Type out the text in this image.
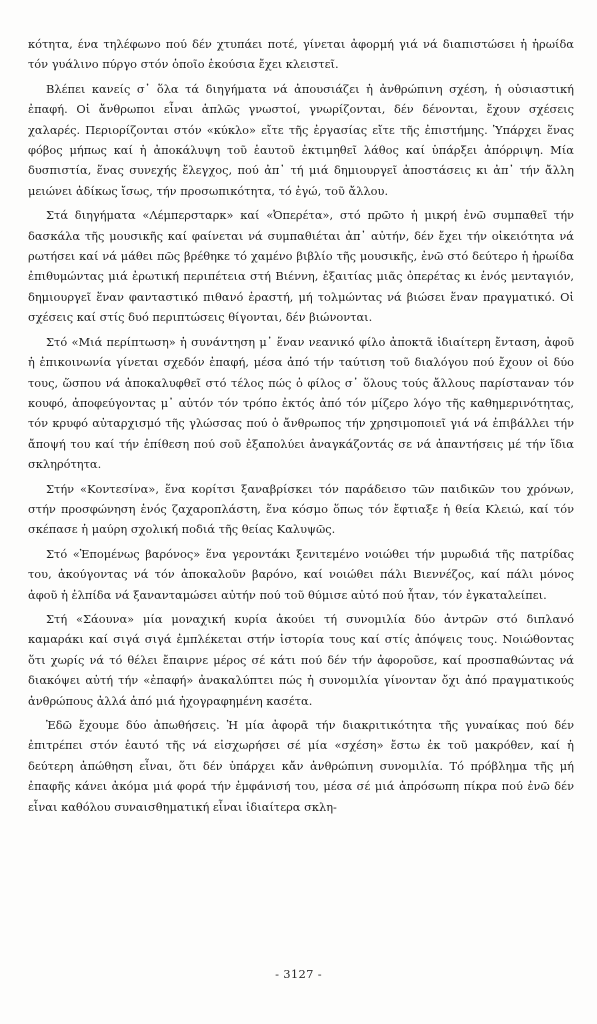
κότητα, ένα τηλέφωνο πού δέν χτυπάει ποτέ, γίνεται ἀφορμή γιά νά διαπιστώσει ἡ ἡρωίδα τόν γυάλινο πύργο στόν ὁποῖο ἑκούσια ἔχει κλειστεῖ.

Βλέπει κανείς σ᾽ ὅλα τά διηγήματα νά ἀπουσιάζει ἡ ἀνθρώπινη σχέση, ἡ οὐσιαστική ἐπαφή. Οἱ ἄνθρωποι εἶναι ἁπλῶς γνωστοί, γνωρίζονται, δέν δένονται, ἔχουν σχέσεις χαλαρές. Περιορίζονται στόν «κύκλο» εἴτε τῆς ἐργασίας εἴτε τῆς ἐπιστήμης. Ὑπάρχει ἕνας φόβος μήπως καί ἡ ἀποκάλυψη τοῦ ἑαυτοῦ ἐκτιμηθεῖ λάθος καί ὑπάρξει ἀπόρριψη. Μία δυσπιστία, ἕνας συνεχής ἔλεγχος, πού ἀπ᾽ τή μιά δημιουργεῖ ἀποστάσεις κι ἀπ᾽ τήν ἄλλη μειώνει ἀδίκως ἴσως, τήν προσωπικότητα, τό ἐγώ, τοῦ ἄλλου.

Στά διηγήματα «Λέμπερσταρκ» καί «Ὀπερέτα», στό πρῶτο ἡ μικρή ἐνῶ συμπαθεῖ τήν δασκάλα τῆς μουσικῆς καί φαίνεται νά συμπαθιέται ἀπ᾽ αὐτήν, δέν ἔχει τήν οἰκειότητα νά ρωτήσει καί νά μάθει πῶς βρέθηκε τό χαμένο βιβλίο τῆς μουσικῆς, ἐνῶ στό δεύτερο ἡ ἡρωίδα ἐπιθυμώντας μιά ἐρωτική περιπέτεια στή Βιέννη, ἐξαιτίας μιᾶς ὀπερέτας κι ἑνός μενταγιόν, δημιουργεῖ ἕναν φανταστικό πιθανό ἐραστή, μή τολμώντας νά βιώσει ἕναν πραγματικό. Οἱ σχέσεις καί στίς δυό περιπτώσεις θίγονται, δέν βιώνονται.

Στό «Μιά περίπτωση» ἡ συνάντηση μ᾽ ἕναν νεανικό φίλο ἀποκτᾶ ἰδιαίτερη ἔνταση, ἀφοῦ ἡ ἐπικοινωνία γίνεται σχεδόν ἐπαφή, μέσα ἀπό τήν ταύτιση τοῦ διαλόγου πού ἔχουν οἱ δύο τους, ὥσπου νά ἀποκαλυφθεῖ στό τέλος πώς ὁ φίλος σ᾽ ὅλους τούς ἄλλους παρίσταναν τόν κουφό, ἀποφεύγοντας μ᾽ αὐτόν τόν τρόπο ἐκτός ἀπό τόν μίζερο λόγο τῆς καθημερινότητας, τόν κρυφό αὐταρχισμό τῆς γλώσσας πού ὁ ἄνθρωπος τήν χρησιμοποιεῖ γιά νά ἐπιβάλλει τήν ἄποψή του καί τήν ἐπίθεση πού σοῦ ἐξαπολύει ἀναγκάζοντάς σε νά ἀπαντήσεις μέ τήν ἴδια σκληρότητα.

Στήν «Κοντεσίνα», ἕνα κορίτσι ξαναβρίσκει τόν παράδεισο τῶν παιδικῶν του χρόνων, στήν προσφώνηση ἑνός ζαχαροπλάστη, ἕνα κόσμο ὅπως τόν ἔφτιαξε ἡ θεία Κλειώ, καί τόν σκέπασε ἡ μαύρη σχολική ποδιά τῆς θείας Καλυψῶς.

Στό «Ἐπομένως βαρόνος» ἕνα γεροντάκι ξενιτεμένο νοιώθει τήν μυρωδιά τῆς πατρίδας του, ἀκούγοντας νά τόν ἀποκαλοῦν βαρόνο, καί νοιώθει πάλι Βιεννέζος, καί πάλι μόνος ἀφοῦ ἡ ἐλπίδα νά ξανανταμώσει αὐτήν πού τοῦ θύμισε αὐτό πού ἦταν, τόν ἐγκαταλείπει.

Στή «Σάουνα» μία μοναχική κυρία ἀκούει τή συνομιλία δύο ἀντρῶν στό διπλανό καμαράκι καί σιγά σιγά ἐμπλέκεται στήν ἱστορία τους καί στίς ἀπόψεις τους. Νοιώθοντας ὅτι χωρίς νά τό θέλει ἔπαιρνε μέρος σέ κάτι πού δέν τήν ἀφοροῦσε, καί προσπαθώντας νά διακόψει αὐτή τήν «ἐπαφή» ἀνακαλύπτει πώς ἡ συνομιλία γίνονταν ὄχι ἀπό πραγματικούς ἀνθρώπους ἀλλά ἀπό μιά ἠχογραφημένη κασέτα.

Ἐδῶ ἔχουμε δύο ἀπωθήσεις. Ἡ μία ἀφορᾶ τήν διακριτικότητα τῆς γυναίκας πού δέν ἐπιτρέπει στόν ἑαυτό τῆς νά εἰσχωρήσει σέ μία «σχέση» ἔστω ἐκ τοῦ μακρόθεν, καί ἡ δεύτερη ἀπώθηση εἶναι, ὅτι δέν ὑπάρχει κἄν ἀνθρώπινη συνομιλία. Τό πρόβλημα τῆς μή ἐπαφῆς κάνει ἀκόμα μιά φορά τήν ἐμφάνισή του, μέσα σέ μιά ἀπρόσωπη πίκρα πού ἐνῶ δέν εἶναι καθόλου συναισθηματική εἶναι ἰδιαίτερα σκλη-

- 3127 -
